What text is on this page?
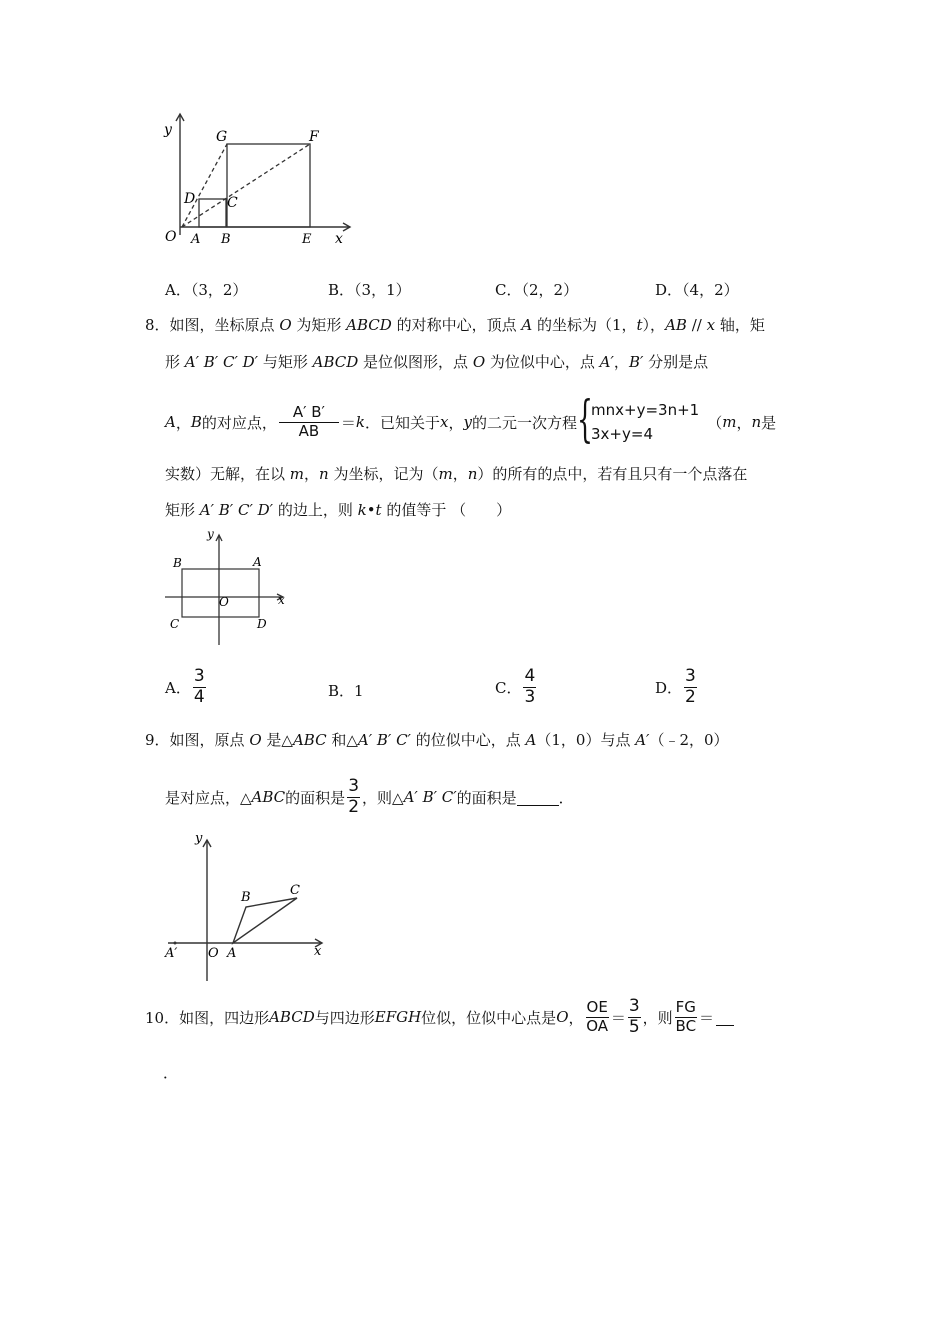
y
x
O A B	E
D C
G	F
A．（3，2）	B．（3，1）	C．（2，2）	D．（4，2）
8．如图，坐标原点 O 为矩形 ABCD 的对称中心，顶点 A 的坐标为（1，t），AB // x 轴，矩
形 A′ B′ C′ D′ 与矩形 ABCD 是位似图形，点 O 为位似中心，点 A′，B′ 分别是点
A ， B 的对应点， $\frac{A' B'}{AB} = k$ ．已知关于 x ， y 的二元一次方程 {
mnx+y=3n+1
3x+y=4
（ m ， n 是
实数）无解，在以 m，n 为坐标，记为（m，n）的所有的点中，若有且只有一个点落在
矩形 A′ B′ C′ D′ 的边上，则 k•t 的值等于 （　　）
y
x
B	A
O
C	D
A． $\frac{3}{4}$	B．1	C． $\frac{4}{3}$	D． $\frac{3}{2}$
9．如图，原点 O 是△ABC 和△A′ B′ C′ 的位似中心，点 A（1，0）与点 A′（﹣2，0）
是对应点，△ ABC 的面积是 $\frac{3}{2}$ ，则△ A′ B′ C′ 的面积是	．
y
x
B	C
A′ O A
10．如图，四边形 ABCD 与四边形 EFGH 位似，位似中心点是 O ， $\frac{OE}{OA} = \frac{3}{5}$ ，则 $\frac{FG}{BC}$ ＝
．
